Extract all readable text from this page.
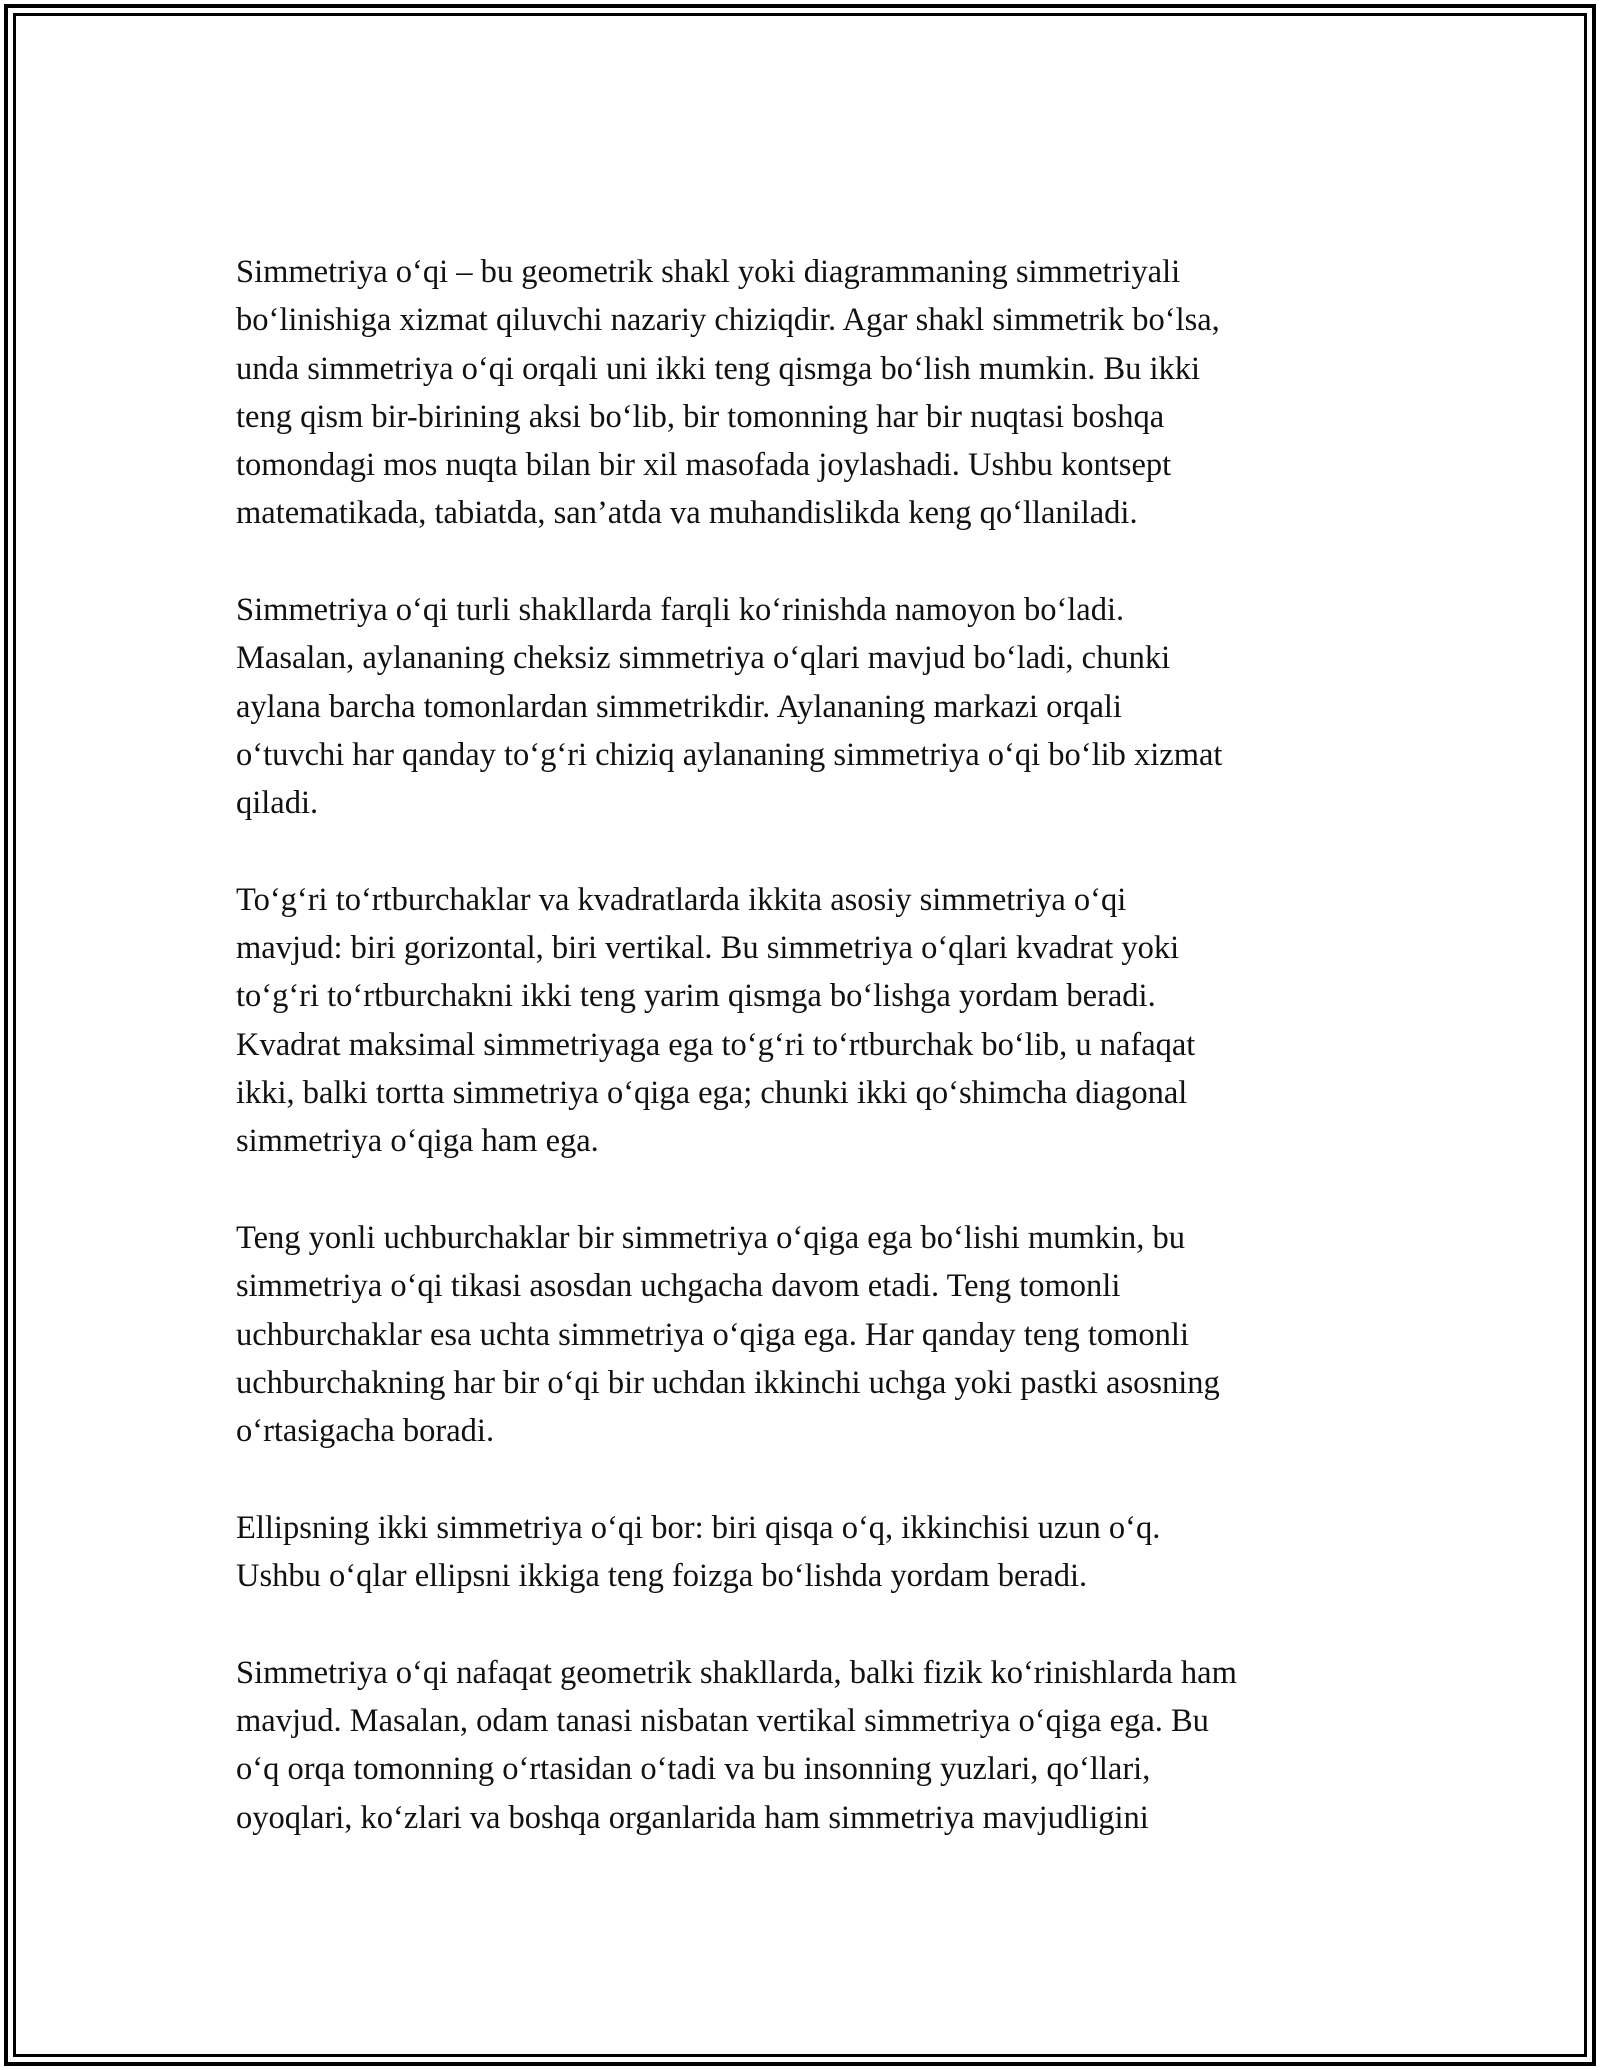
Simmetriya o‘qi – bu geometrik shakl yoki diagrammaning simmetriyali
bo‘linishiga xizmat qiluvchi nazariy chiziqdir. Agar shakl simmetrik bo‘lsa,
unda simmetriya o‘qi orqali uni ikki teng qismga bo‘lish mumkin. Bu ikki
teng qism bir-birining aksi bo‘lib, bir tomonning har bir nuqtasi boshqa
tomondagi mos nuqta bilan bir xil masofada joylashadi. Ushbu kontsept
matematikada, tabiatda, san’atda va muhandislikda keng qo‘llaniladi.

Simmetriya o‘qi turli shakllarda farqli ko‘rinishda namoyon bo‘ladi.
Masalan, aylananing cheksiz simmetriya o‘qlari mavjud bo‘ladi, chunki
aylana barcha tomonlardan simmetrikdir. Aylananing markazi orqali
o‘tuvchi har qanday to‘g‘ri chiziq aylananing simmetriya o‘qi bo‘lib xizmat
qiladi.

To‘g‘ri to‘rtburchaklar va kvadratlarda ikkita asosiy simmetriya o‘qi
mavjud: biri gorizontal, biri vertikal. Bu simmetriya o‘qlari kvadrat yoki
to‘g‘ri to‘rtburchakni ikki teng yarim qismga bo‘lishga yordam beradi.
Kvadrat maksimal simmetriyaga ega to‘g‘ri to‘rtburchak bo‘lib, u nafaqat
ikki, balki tortta simmetriya o‘qiga ega; chunki ikki qo‘shimcha diagonal
simmetriya o‘qiga ham ega.

Teng yonli uchburchaklar bir simmetriya o‘qiga ega bo‘lishi mumkin, bu
simmetriya o‘qi tikasi asosdan uchgacha davom etadi. Teng tomonli
uchburchaklar esa uchta simmetriya o‘qiga ega. Har qanday teng tomonli
uchburchakning har bir o‘qi bir uchdan ikkinchi uchga yoki pastki asosning
o‘rtasigacha boradi.

Ellipsning ikki simmetriya o‘qi bor: biri qisqa o‘q, ikkinchisi uzun o‘q.
Ushbu o‘qlar ellipsni ikkiga teng foizga bo‘lishda yordam beradi.

Simmetriya o‘qi nafaqat geometrik shakllarda, balki fizik ko‘rinishlarda ham
mavjud. Masalan, odam tanasi nisbatan vertikal simmetriya o‘qiga ega. Bu
o‘q orqa tomonning o‘rtasidan o‘tadi va bu insonning yuzlari, qo‘llari,
oyoqlari, ko‘zlari va boshqa organlarida ham simmetriya mavjudligini
